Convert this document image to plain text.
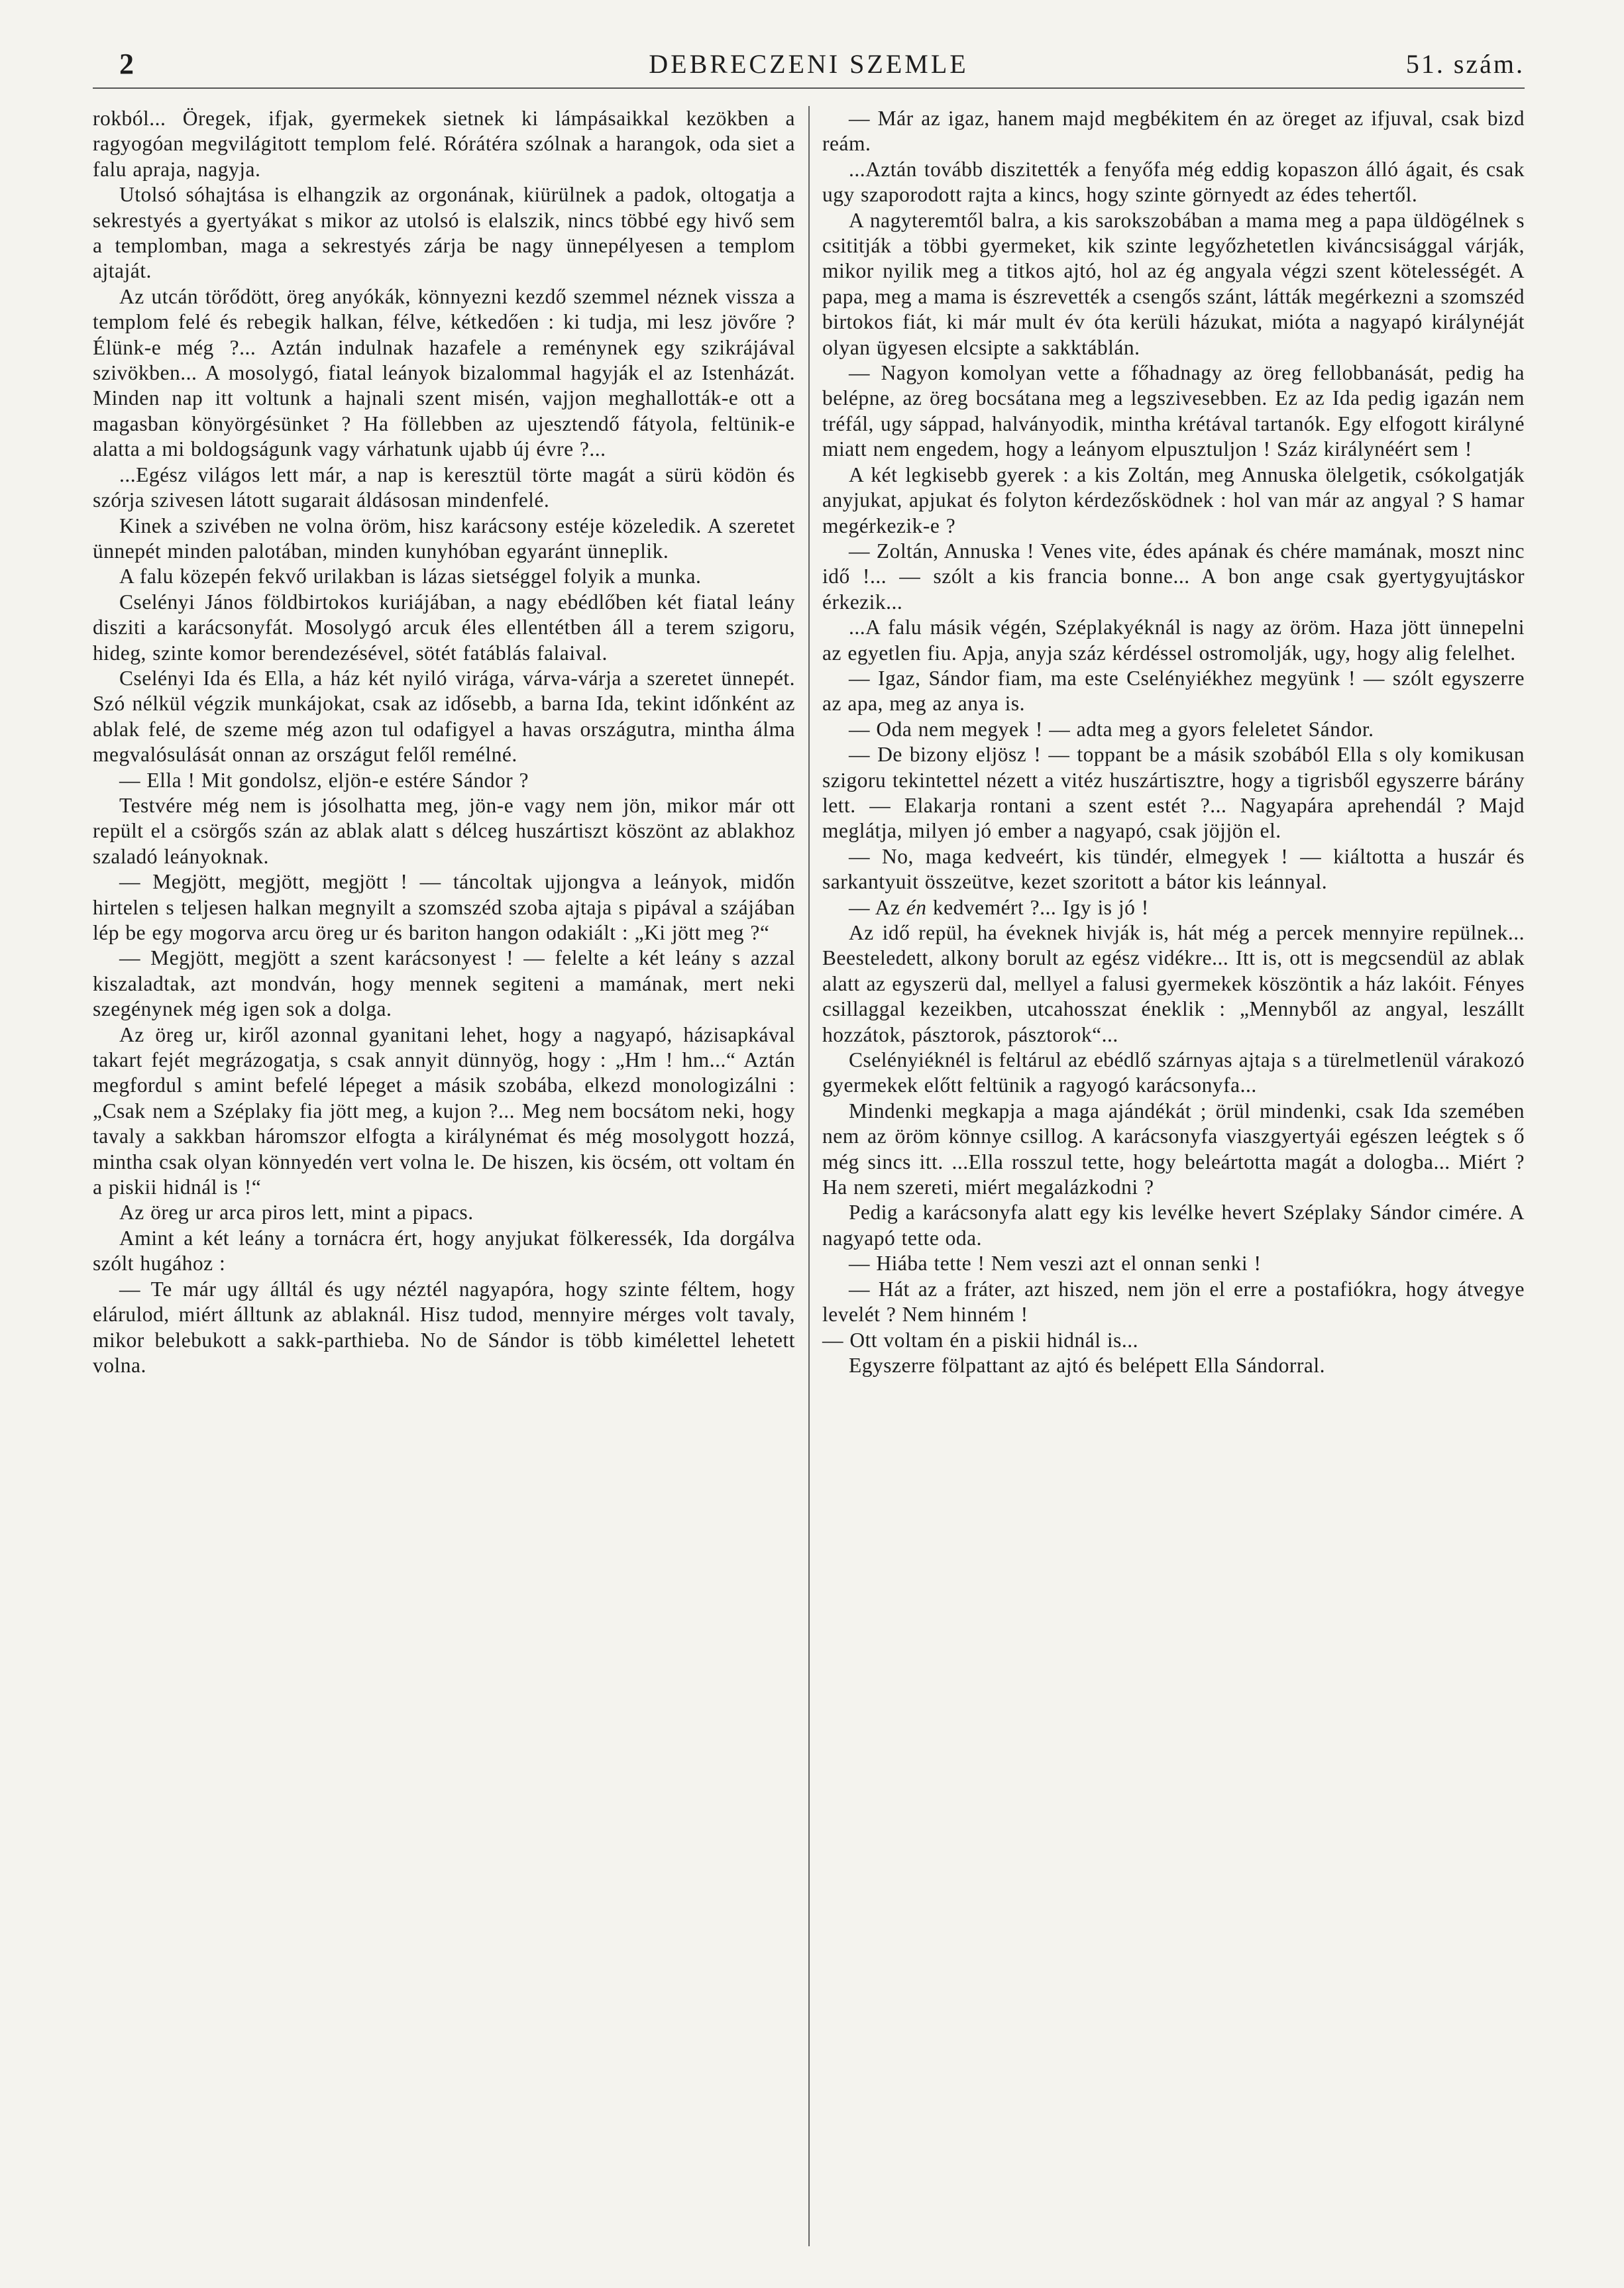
2	DEBRECZENI SZEMLE	51. szám.

rokból... Öregek, ifjak, gyermekek sietnek ki lámpásaikkal kezökben a ragyogóan megvilágitott templom felé. Rórátéra szólnak a harangok, oda siet a falu apraja, nagyja.

Utolsó sóhajtása is elhangzik az orgonának, kiürülnek a padok, oltogatja a sekrestyés a gyertyákat s mikor az utolsó is elalszik, nincs többé egy hivő sem a templomban, maga a sekrestyés zárja be nagy ünnepélyesen a templom ajtaját.

Az utcán törődött, öreg anyókák, könnyezni kezdő szemmel néznek vissza a templom felé és rebegik halkan, félve, kétkedően : ki tudja, mi lesz jövőre ? Élünk-e még ?... Aztán indulnak hazafele a reménynek egy szikrájával szivökben... A mosolygó, fiatal leányok bizalommal hagyják el az Istenházát. Minden nap itt voltunk a hajnali szent misén, vajjon meghallották-e ott a magasban könyörgésünket ? Ha föllebben az ujesztendő fátyola, feltünik-e alatta a mi boldogságunk vagy várhatunk ujabb új évre ?...

...Egész világos lett már, a nap is keresztül törte magát a sürü ködön és szórja szivesen látott sugarait áldásosan mindenfelé.

Kinek a szivében ne volna öröm, hisz karácsony estéje közeledik. A szeretet ünnepét minden palotában, minden kunyhóban egyaránt ünneplik.

A falu közepén fekvő urilakban is lázas sietséggel folyik a munka.

Cselényi János földbirtokos kuriájában, a nagy ebédlőben két fiatal leány disziti a karácsonyfát. Mosolygó arcuk éles ellentétben áll a terem szigoru, hideg, szinte komor berendezésével, sötét fatáblás falaival.

Cselényi Ida és Ella, a ház két nyiló virága, várva-várja a szeretet ünnepét. Szó nélkül végzik munkájokat, csak az idősebb, a barna Ida, tekint időnként az ablak felé, de szeme még azon tul odafigyel a havas országutra, mintha álma megvalósulását onnan az országut felől remélné.

— Ella ! Mit gondolsz, eljön-e estére Sándor ?

Testvére még nem is jósolhatta meg, jön-e vagy nem jön, mikor már ott repült el a csörgős szán az ablak alatt s délceg huszártiszt köszönt az ablakhoz szaladó leányoknak.

— Megjött, megjött, megjött ! — táncoltak ujjongva a leányok, midőn hirtelen s teljesen halkan megnyilt a szomszéd szoba ajtaja s pipával a szájában lép be egy mogorva arcu öreg ur és bariton hangon odakiált : „Ki jött meg ?“

— Megjött, megjött a szent karácsonyest ! — felelte a két leány s azzal kiszaladtak, azt mondván, hogy mennek segiteni a mamának, mert neki szegénynek még igen sok a dolga.

Az öreg ur, kiről azonnal gyanitani lehet, hogy a nagyapó, házisapkával takart fejét megrázogatja, s csak annyit dünnyög, hogy : „Hm ! hm...“ Aztán megfordul s amint befelé lépeget a másik szobába, elkezd monologizálni : „Csak nem a Széplaky fia jött meg, a kujon ?... Meg nem bocsátom neki, hogy tavaly a sakkban háromszor elfogta a királynémat és még mosolygott hozzá, mintha csak olyan könnyedén vert volna le. De hiszen, kis öcsém, ott voltam én a piskii hidnál is !“

Az öreg ur arca piros lett, mint a pipacs.

Amint a két leány a tornácra ért, hogy anyjukat fölkeressék, Ida dorgálva szólt hugához :

— Te már ugy álltál és ugy néztél nagyapóra, hogy szinte féltem, hogy elárulod, miért álltunk az ablaknál. Hisz tudod, mennyire mérges volt tavaly, mikor belebukott a sakk-parthieba. No de Sándor is több kimélettel lehetett volna.

— Már az igaz, hanem majd megbékitem én az öreget az ifjuval, csak bizd reám.

...Aztán tovább diszitették a fenyőfa még eddig kopaszon álló ágait, és csak ugy szaporodott rajta a kincs, hogy szinte görnyedt az édes tehertől.

A nagyteremtől balra, a kis sarokszobában a mama meg a papa üldögélnek s csititják a többi gyermeket, kik szinte legyőzhetetlen kiváncsisággal várják, mikor nyilik meg a titkos ajtó, hol az ég angyala végzi szent kötelességét. A papa, meg a mama is észrevették a csengős szánt, látták megérkezni a szomszéd birtokos fiát, ki már mult év óta kerüli házukat, mióta a nagyapó királynéját olyan ügyesen elcsipte a sakktáblán.

— Nagyon komolyan vette a főhadnagy az öreg fellobbanását, pedig ha belépne, az öreg bocsátana meg a legszivesebben. Ez az Ida pedig igazán nem tréfál, ugy sáppad, halványodik, mintha krétával tartanók. Egy elfogott királyné miatt nem engedem, hogy a leányom elpusztuljon ! Száz királynéért sem !

A két legkisebb gyerek : a kis Zoltán, meg Annuska ölelgetik, csókolgatják anyjukat, apjukat és folyton kérdezősködnek : hol van már az angyal ? S hamar megérkezik-e ?

— Zoltán, Annuska ! Venes vite, édes apának és chére mamának, moszt ninc idő !... — szólt a kis francia bonne... A bon ange csak gyertygyujtáskor érkezik...

...A falu másik végén, Széplakyéknál is nagy az öröm. Haza jött ünnepelni az egyetlen fiu. Apja, anyja száz kérdéssel ostromolják, ugy, hogy alig felelhet.

— Igaz, Sándor fiam, ma este Cselényiékhez megyünk ! — szólt egyszerre az apa, meg az anya is.

— Oda nem megyek ! — adta meg a gyors feleletet Sándor.

— De bizony eljösz ! — toppant be a másik szobából Ella s oly komikusan szigoru tekintettel nézett a vitéz huszártisztre, hogy a tigrisből egyszerre bárány lett. — Elakarja rontani a szent estét ?... Nagyapára aprehendál ? Majd meglátja, milyen jó ember a nagyapó, csak jöjjön el.

— No, maga kedveért, kis tündér, elmegyek ! — kiáltotta a huszár és sarkantyuit összeütve, kezet szoritott a bátor kis leánnyal.

— Az én kedvemért ?... Igy is jó !

Az idő repül, ha éveknek hivják is, hát még a percek mennyire repülnek... Beesteledett, alkony borult az egész vidékre... Itt is, ott is megcsendül az ablak alatt az egyszerü dal, mellyel a falusi gyermekek köszöntik a ház lakóit. Fényes csillaggal kezeikben, utcahosszat éneklik : „Mennyből az angyal, leszállt hozzátok, pásztorok, pásztorok“...

Cselényiéknél is feltárul az ebédlő szárnyas ajtaja s a türelmetlenül várakozó gyermekek előtt feltünik a ragyogó karácsonyfa...

Mindenki megkapja a maga ajándékát ; örül mindenki, csak Ida szemében nem az öröm könnye csillog. A karácsonyfa viaszgyertyái egészen leégtek s ő még sincs itt. ...Ella rosszul tette, hogy beleártotta magát a dologba... Miért ? Ha nem szereti, miért megalázkodni ?

Pedig a karácsonyfa alatt egy kis levélke hevert Széplaky Sándor cimére. A nagyapó tette oda.

— Hiába tette ! Nem veszi azt el onnan senki !

— Hát az a fráter, azt hiszed, nem jön el erre a postafiókra, hogy átvegye levelét ? Nem hinném !

— Ott voltam én a piskii hidnál is...

Egyszerre fölpattant az ajtó és belépett Ella Sándorral.
